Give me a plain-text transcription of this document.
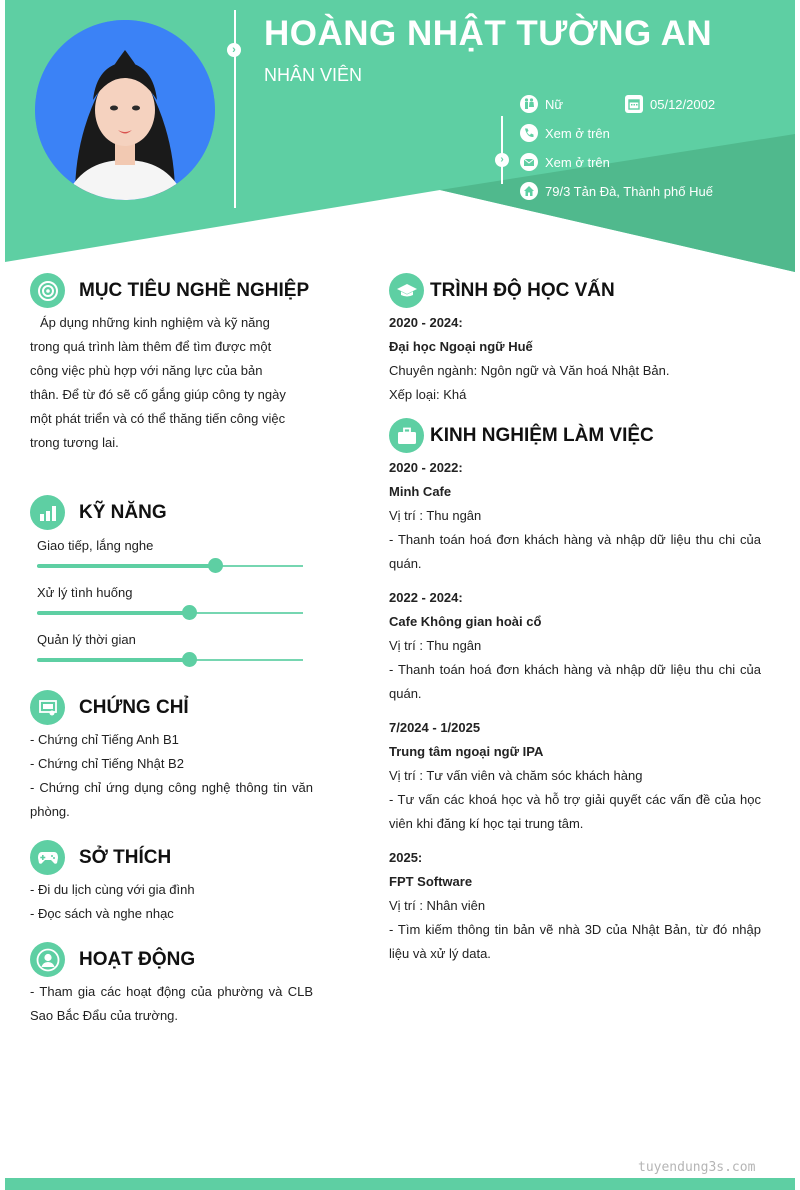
› HOÀNG NHẬT TƯỜNG AN
NHÂN VIÊN
›
Nữ	05/12/2002
Xem ở trên
Xem ở trên
79/3 Tản Đà, Thành phố Huế
MỤC TIÊU NGHỀ NGHIỆP
Áp dụng những kinh nghiệm và kỹ năng
trong quá trình làm thêm để tìm được một
công việc phù hợp với năng lực của bản
thân. Để từ đó sẽ cố gắng giúp công ty ngày
một phát triển và có thể thăng tiến công việc
trong tương lai.
KỸ NĂNG
Giao tiếp, lắng nghe
Xử lý tình huống
Quản lý thời gian
CHỨNG CHỈ
- Chứng chỉ Tiếng Anh B1
- Chứng chỉ Tiếng Nhật B2
- Chứng chỉ ứng dụng công nghệ thông tin văn phòng.
SỞ THÍCH
- Đi du lịch cùng với gia đình
- Đọc sách và nghe nhạc
HOẠT ĐỘNG
- Tham gia các hoạt động của phường và CLB Sao Bắc Đẩu của trường.
TRÌNH ĐỘ HỌC VẤN
2020 - 2024:
Đại học Ngoại ngữ Huế
Chuyên ngành: Ngôn ngữ và Văn hoá Nhật Bản.
Xếp loại: Khá
KINH NGHIỆM LÀM VIỆC
2020 - 2022:
Minh Cafe
Vị trí : Thu ngân
- Thanh toán hoá đơn khách hàng và nhập dữ liệu thu chi của quán.
2022 - 2024:
Cafe Không gian hoài cổ
Vị trí : Thu ngân
- Thanh toán hoá đơn khách hàng và nhập dữ liệu thu chi của quán.
7/2024 - 1/2025
Trung tâm ngoại ngữ IPA
Vị trí : Tư vấn viên và chăm sóc khách hàng
- Tư vấn các khoá học và hỗ trợ giải quyết các vấn đề của học viên khi đăng kí học tại trung tâm.
2025:
FPT Software
Vị trí : Nhân viên
- Tìm kiếm thông tin bản vẽ nhà 3D của Nhật Bản, từ đó nhập liệu và xử lý data.
tuyendung3s.com
